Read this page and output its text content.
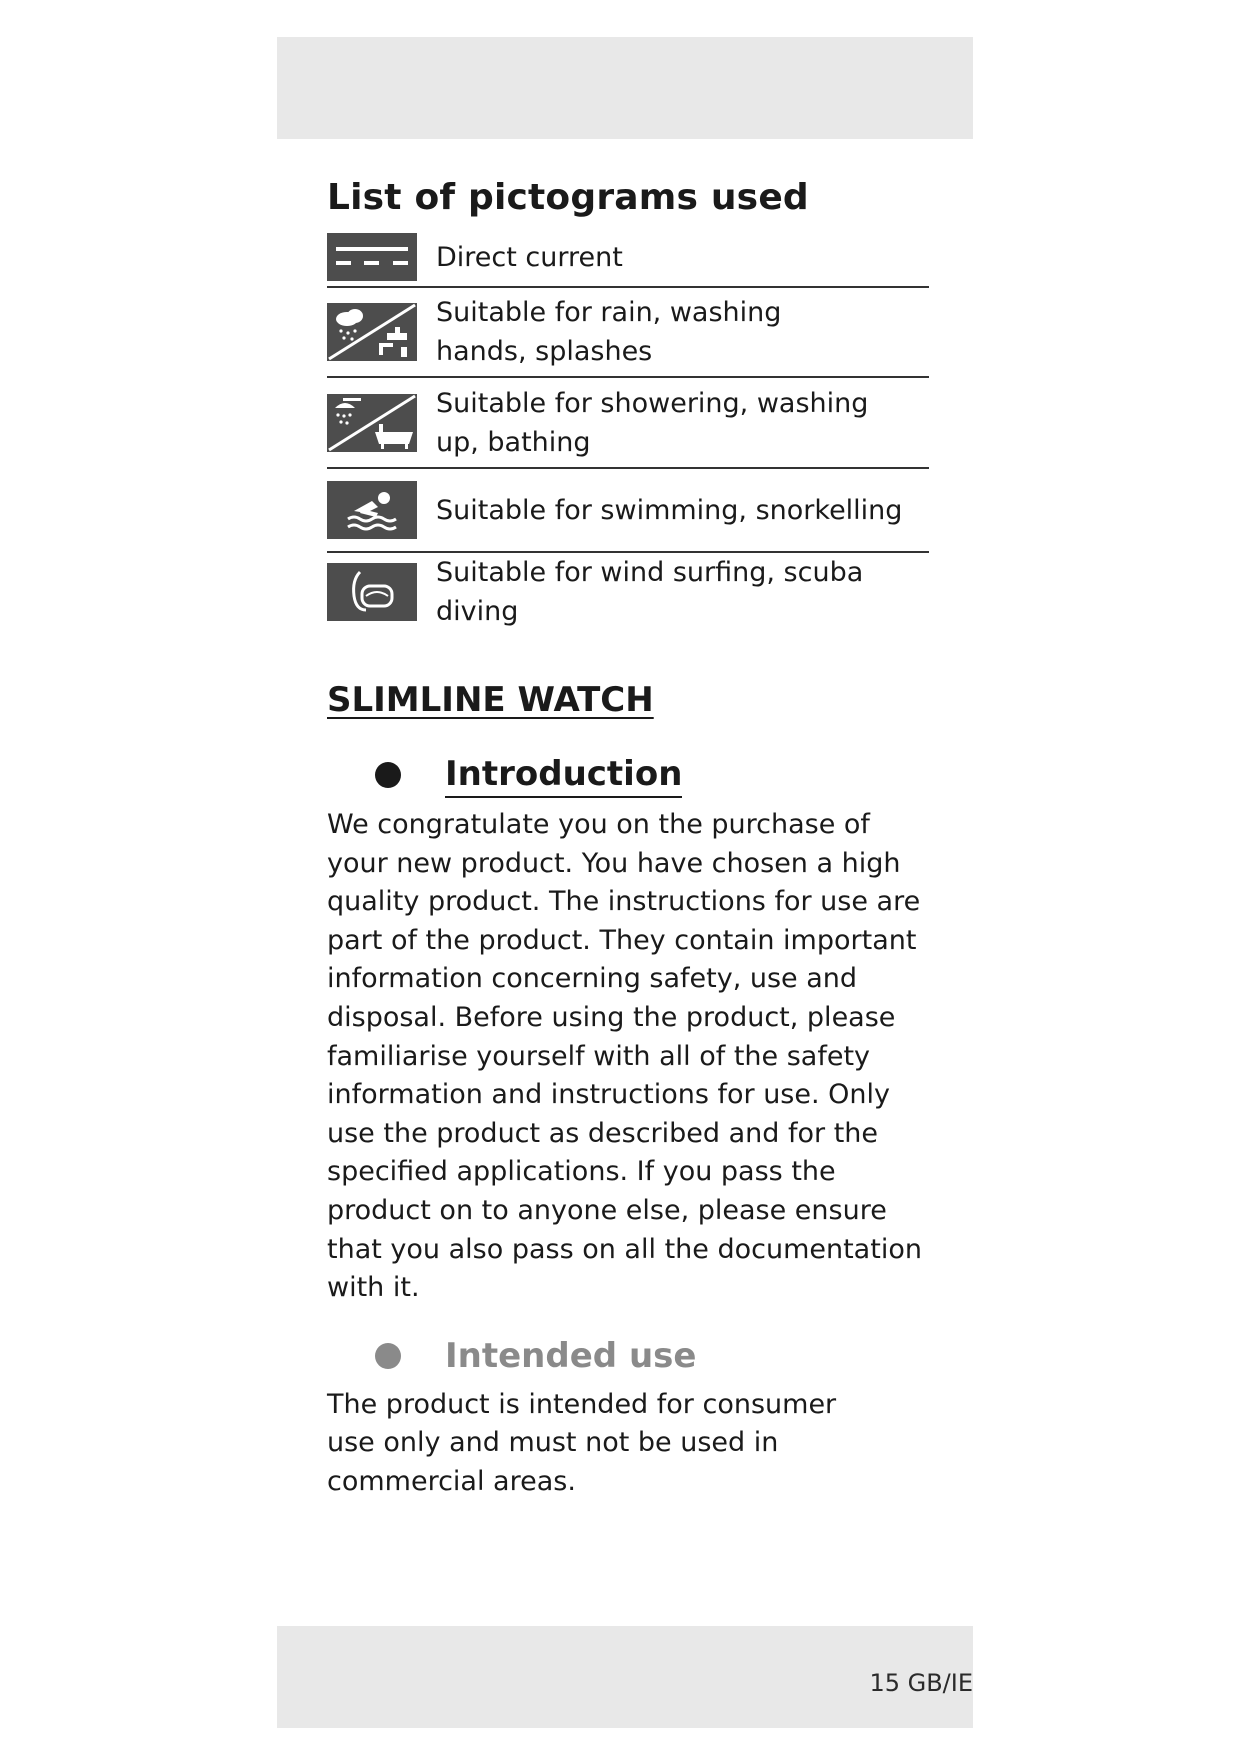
List of pictograms used
Direct current
Suitable for rain, washing hands, splashes
Suitable for showering, washing up, bathing
Suitable for swimming, snorkelling
Suitable for wind surfing, scuba diving
SLIMLINE WATCH
Introduction

We congratulate you on the purchase of your new product. You have chosen a high quality product. The instructions for use are part of the product. They contain important information concerning safety, use and disposal. Before using the product, please familiarise yourself with all of the safety information and instructions for use. Only use the product as described and for the specified applications. If you pass the product on to anyone else, please ensure that you also pass on all the documentation with it.

Intended use

The product is intended for consumer use only and must not be used in commercial areas.

15 GB/IE
